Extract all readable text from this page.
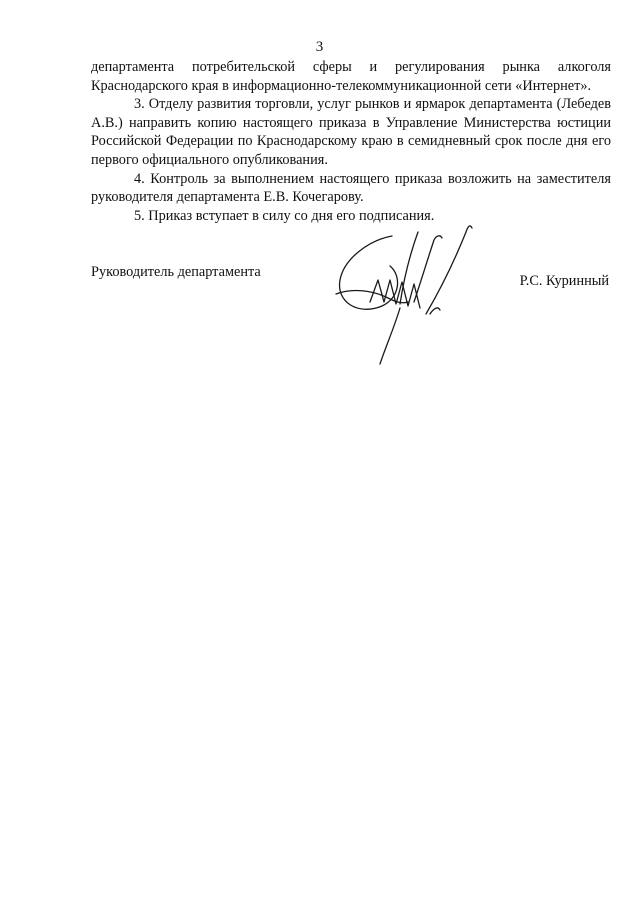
3

департамента потребительской сферы и регулирования рынка алкоголя Краснодарского края в информационно-телекоммуникационной сети «Интернет».

3. Отделу развития торговли, услуг рынков и ярмарок департамента (Лебедев А.В.) направить копию настоящего приказа в Управление Министерства юстиции Российской Федерации по Краснодарскому краю в семидневный срок после дня его первого официального опубликования.

4. Контроль за выполнением настоящего приказа возложить на заместителя руководителя департамента Е.В. Кочегарову.

5. Приказ вступает в силу со дня его подписания.

Руководитель департамента
Р.С. Куринный
